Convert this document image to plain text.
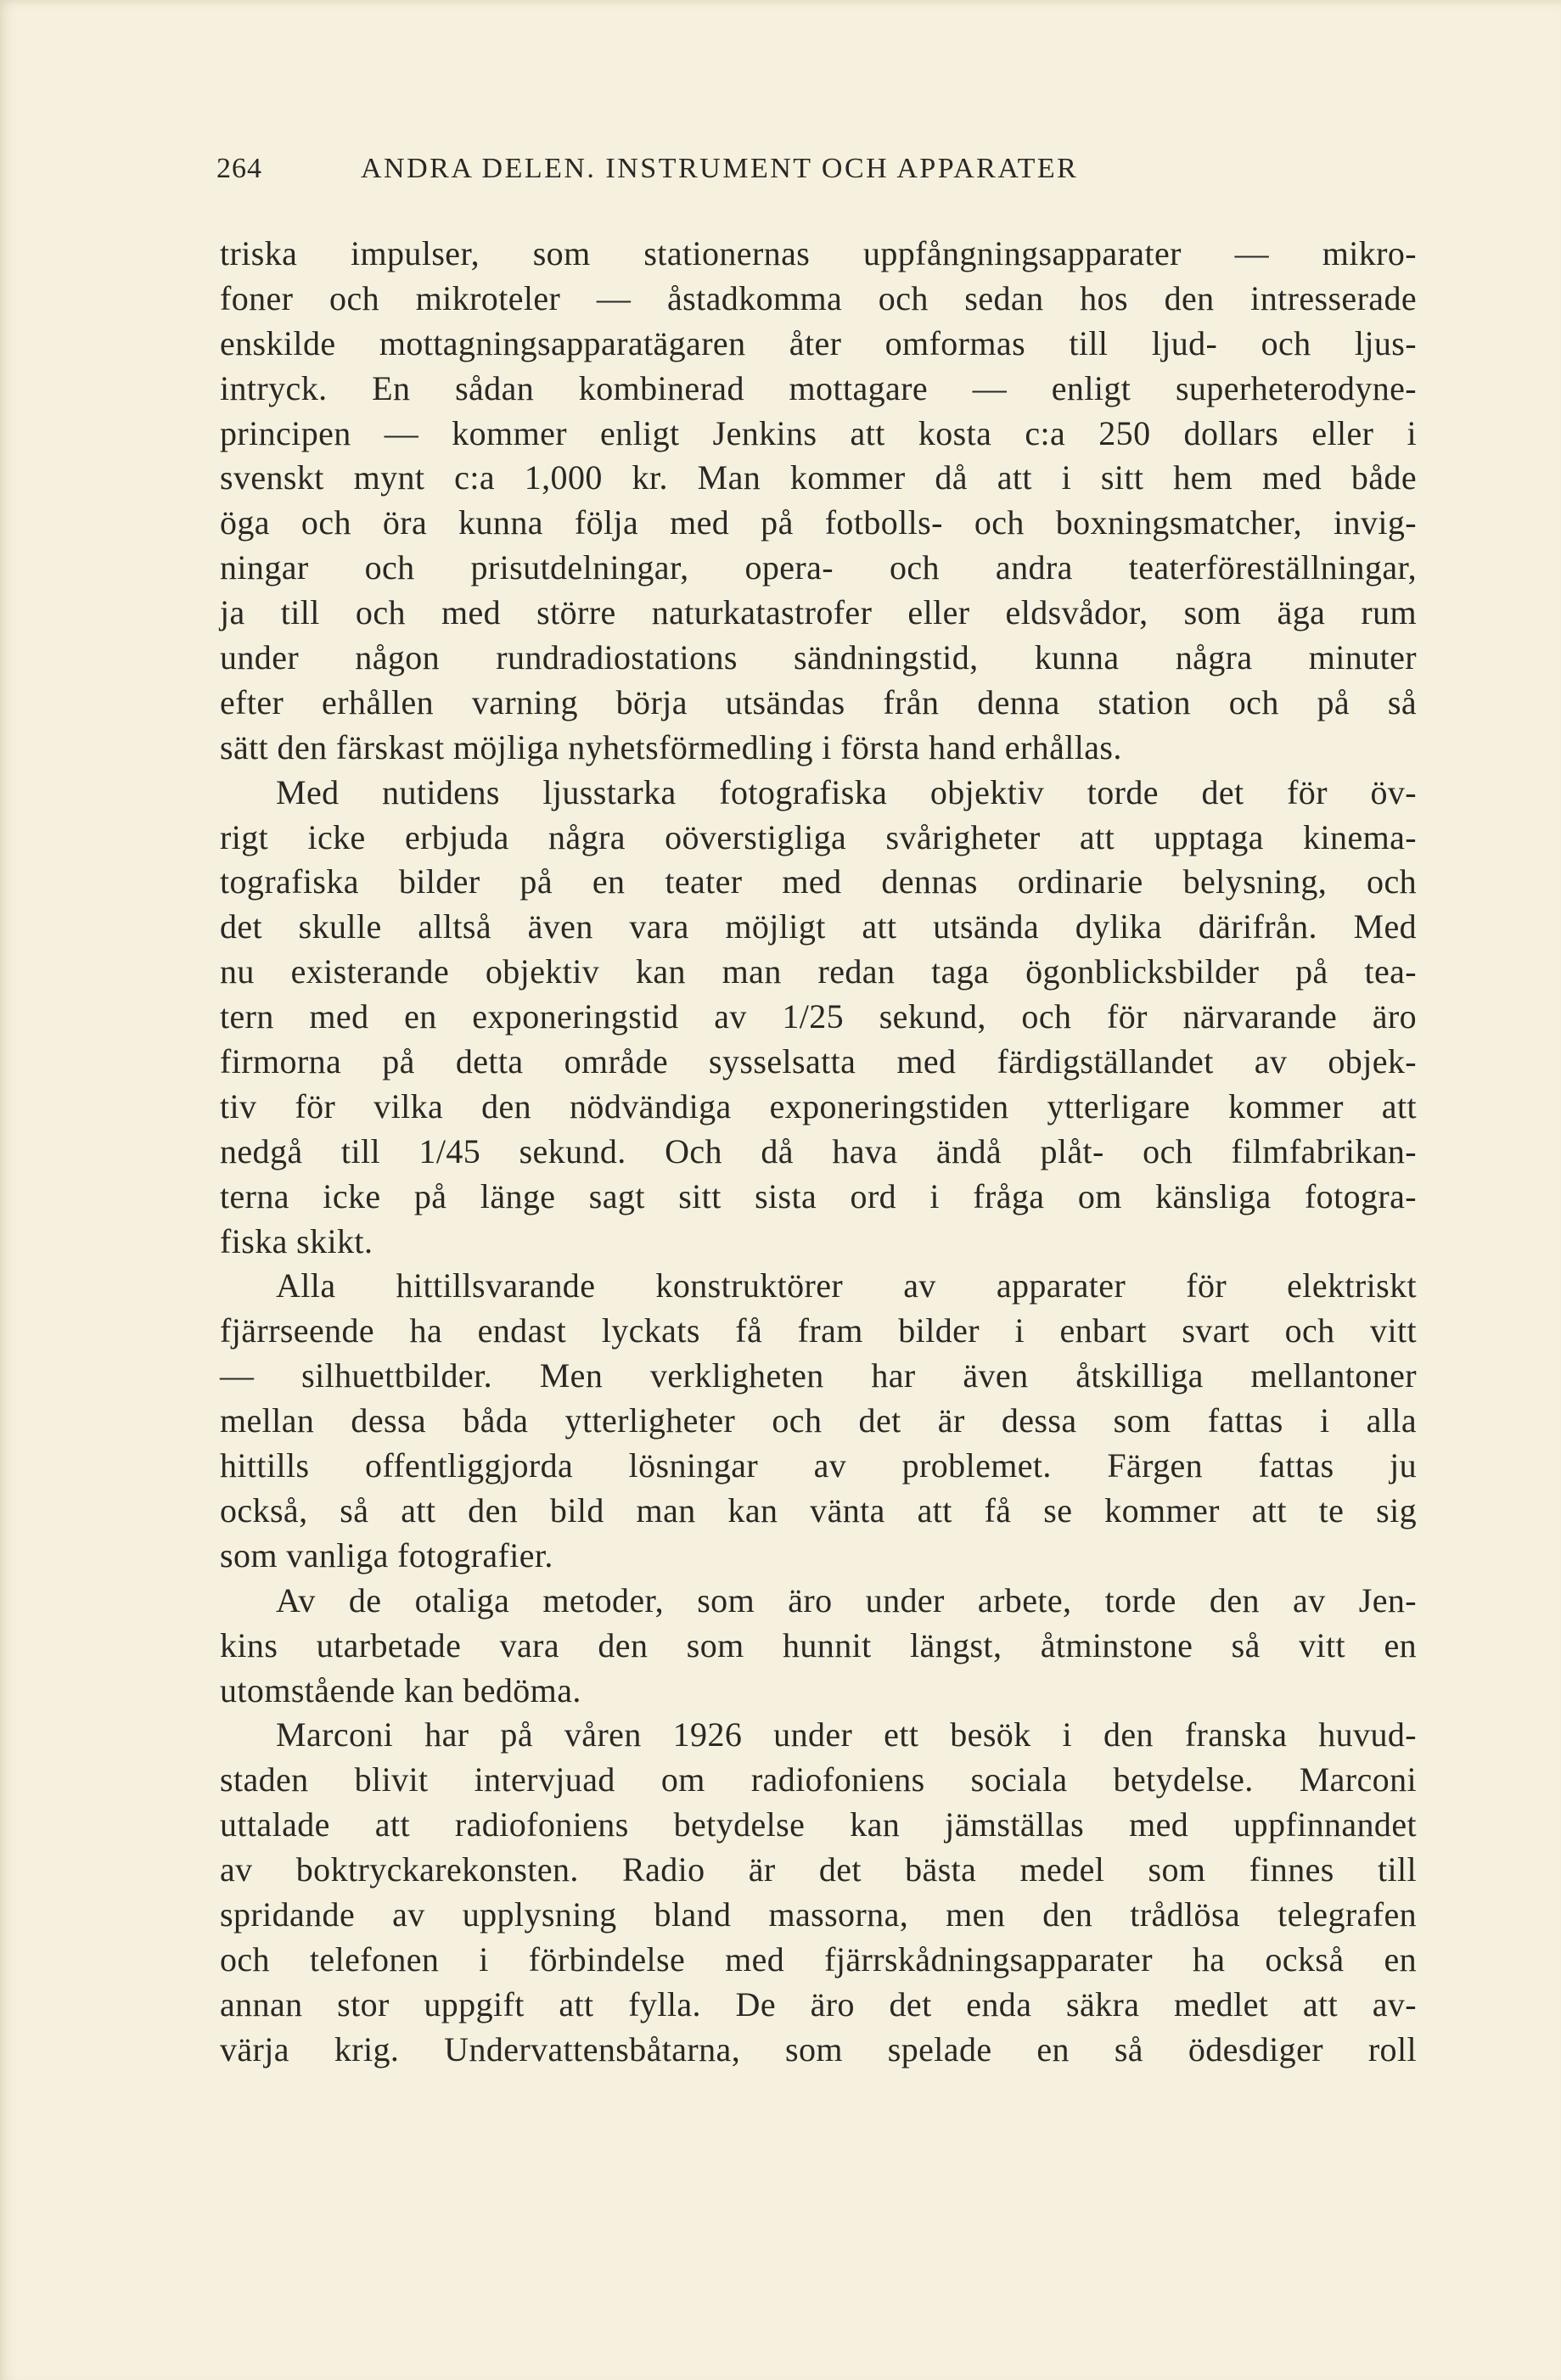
264	ANDRA DELEN. INSTRUMENT OCH APPARATER
triska impulser, som stationernas uppfångningsapparater — mikro-
foner och mikroteler — åstadkomma och sedan hos den intresserade
enskilde mottagningsapparatägaren åter omformas till ljud- och ljus-
intryck. En sådan kombinerad mottagare — enligt superheterodyne-
principen — kommer enligt Jenkins att kosta c:a 250 dollars eller i
svenskt mynt c:a 1,000 kr. Man kommer då att i sitt hem med både
öga och öra kunna följa med på fotbolls- och boxningsmatcher, invig-
ningar och prisutdelningar, opera- och andra teaterföreställningar,
ja till och med större naturkatastrofer eller eldsvådor, som äga rum
under någon rundradiostations sändningstid, kunna några minuter
efter erhållen varning börja utsändas från denna station och på så
sätt den färskast möjliga nyhetsförmedling i första hand erhållas.
Med nutidens ljusstarka fotografiska objektiv torde det för öv-
rigt icke erbjuda några oöverstigliga svårigheter att upptaga kinema-
tografiska bilder på en teater med dennas ordinarie belysning, och
det skulle alltså även vara möjligt att utsända dylika därifrån. Med
nu existerande objektiv kan man redan taga ögonblicksbilder på tea-
tern med en exponeringstid av 1/25 sekund, och för närvarande äro
firmorna på detta område sysselsatta med färdigställandet av objek-
tiv för vilka den nödvändiga exponeringstiden ytterligare kommer att
nedgå till 1/45 sekund. Och då hava ändå plåt- och filmfabrikan-
terna icke på länge sagt sitt sista ord i fråga om känsliga fotogra-
fiska skikt.
Alla hittillsvarande konstruktörer av apparater för elektriskt
fjärrseende ha endast lyckats få fram bilder i enbart svart och vitt
— silhuettbilder. Men verkligheten har även åtskilliga mellantoner
mellan dessa båda ytterligheter och det är dessa som fattas i alla
hittills offentliggjorda lösningar av problemet. Färgen fattas ju
också, så att den bild man kan vänta att få se kommer att te sig
som vanliga fotografier.
Av de otaliga metoder, som äro under arbete, torde den av Jen-
kins utarbetade vara den som hunnit längst, åtminstone så vitt en
utomstående kan bedöma.
Marconi har på våren 1926 under ett besök i den franska huvud-
staden blivit intervjuad om radiofoniens sociala betydelse. Marconi
uttalade att radiofoniens betydelse kan jämställas med uppfinnandet
av boktryckarekonsten. Radio är det bästa medel som finnes till
spridande av upplysning bland massorna, men den trådlösa telegrafen
och telefonen i förbindelse med fjärrskådningsapparater ha också en
annan stor uppgift att fylla. De äro det enda säkra medlet att av-
värja krig. Undervattensbåtarna, som spelade en så ödesdiger roll
